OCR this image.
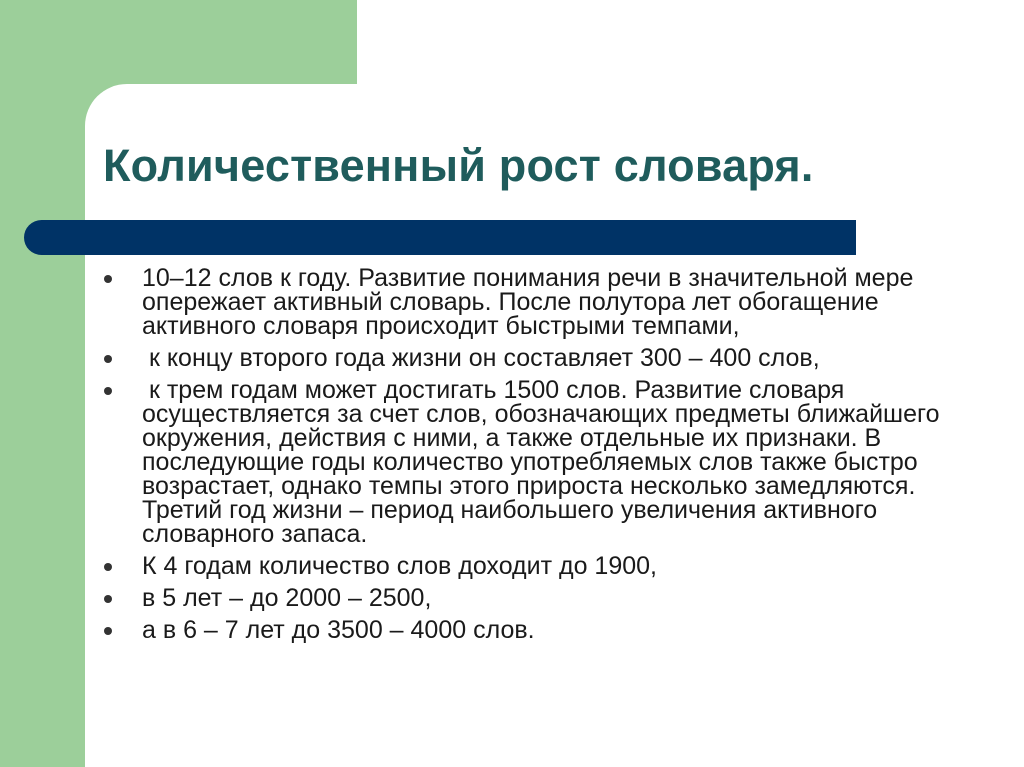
Количественный рост словаря.
10–12 слов к году. Развитие понимания речи в значительной мере опережает активный словарь. После полутора лет обогащение активного словаря происходит быстрыми темпами,
к концу второго года жизни он составляет 300 – 400 слов,
к трем годам может достигать 1500 слов. Развитие словаря осуществляется за счет слов, обозначающих предметы ближайшего окружения, действия с ними, а также отдельные их признаки. В последующие годы количество употребляемых слов также быстро возрастает, однако темпы этого прироста несколько замедляются. Третий год жизни – период наибольшего увеличения активного словарного запаса.
К 4 годам количество слов доходит до 1900,
в 5 лет – до 2000 – 2500,
а в 6 – 7 лет до 3500 – 4000 слов.
